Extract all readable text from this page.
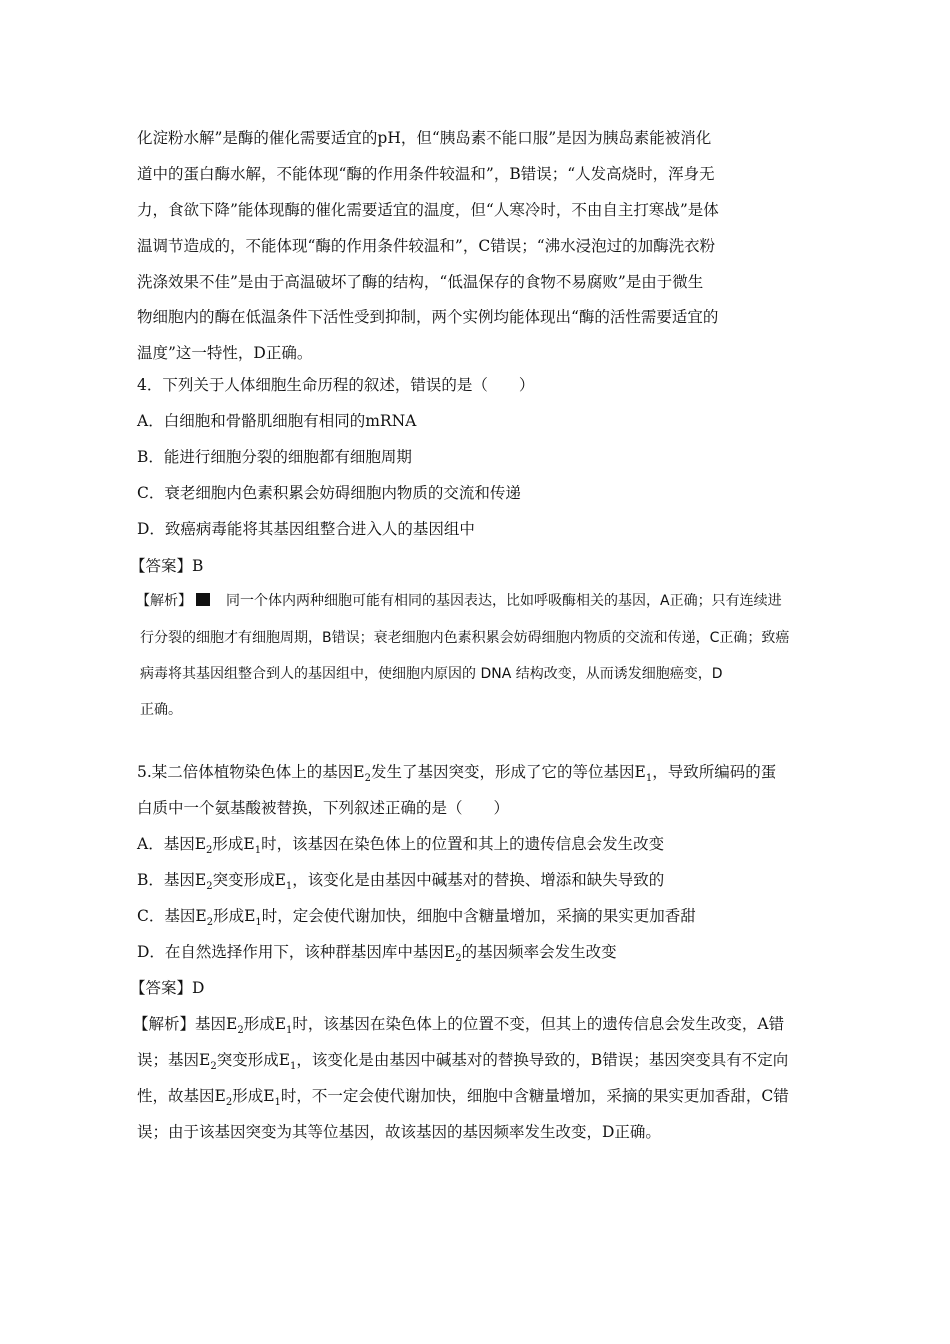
化淀粉水解”是酶的催化需要适宜的pH，但“胰岛素不能口服”是因为胰岛素能被消化
道中的蛋白酶水解，不能体现“酶的作用条件较温和”，B错误；“人发高烧时，浑身无
力，食欲下降”能体现酶的催化需要适宜的温度，但“人寒冷时，不由自主打寒战”是体
温调节造成的，不能体现“酶的作用条件较温和”，C错误；“沸水浸泡过的加酶洗衣粉
洗涤效果不佳”是由于高温破坏了酶的结构，“低温保存的食物不易腐败”是由于微生
物细胞内的酶在低温条件下活性受到抑制，两个实例均能体现出“酶的活性需要适宜的
温度”这一特性，D正确。
4．下列关于人体细胞生命历程的叙述，错误的是（　　）
A．白细胞和骨骼肌细胞有相同的mRNA
B．能进行细胞分裂的细胞都有细胞周期
C．衰老细胞内色素积累会妨碍细胞内物质的交流和传递
D．致癌病毒能将其基因组整合进入人的基因组中
【答案】B
【解析】 同一个体内两种细胞可能有相同的基因表达，比如呼吸酶相关的基因，A正确；只有连续进
行分裂的细胞才有细胞周期，B错误；衰老细胞内色素积累会妨碍细胞内物质的交流和传递，C正确；致癌
病毒将其基因组整合到人的基因组中，使细胞内原因的 DNA 结构改变，从而诱发细胞癌变，D
正确。
5.某二倍体植物染色体上的基因$E_2$发生了基因突变，形成了它的等位基因$E_1$，导致所编码的蛋
白质中一个氨基酸被替换，下列叙述正确的是（　　）
A．基因$E_2$形成$E_1$时，该基因在染色体上的位置和其上的遗传信息会发生改变
B．基因$E_2$突变形成$E_1$，该变化是由基因中碱基对的替换、增添和缺失导致的
C．基因$E_2$形成$E_1$时，定会使代谢加快，细胞中含糖量增加，采摘的果实更加香甜
D．在自然选择作用下，该种群基因库中基因$E_2$的基因频率会发生改变
【答案】D
【解析】基因$E_2$形成$E_1$时，该基因在染色体上的位置不变，但其上的遗传信息会发生改变，A错
误；基因$E_2$突变形成$E_1$，该变化是由基因中碱基对的替换导致的，B错误；基因突变具有不定向
性，故基因$E_2$形成$E_1$时，不一定会使代谢加快，细胞中含糖量增加，采摘的果实更加香甜，C错
误；由于该基因突变为其等位基因，故该基因的基因频率发生改变，D正确。
